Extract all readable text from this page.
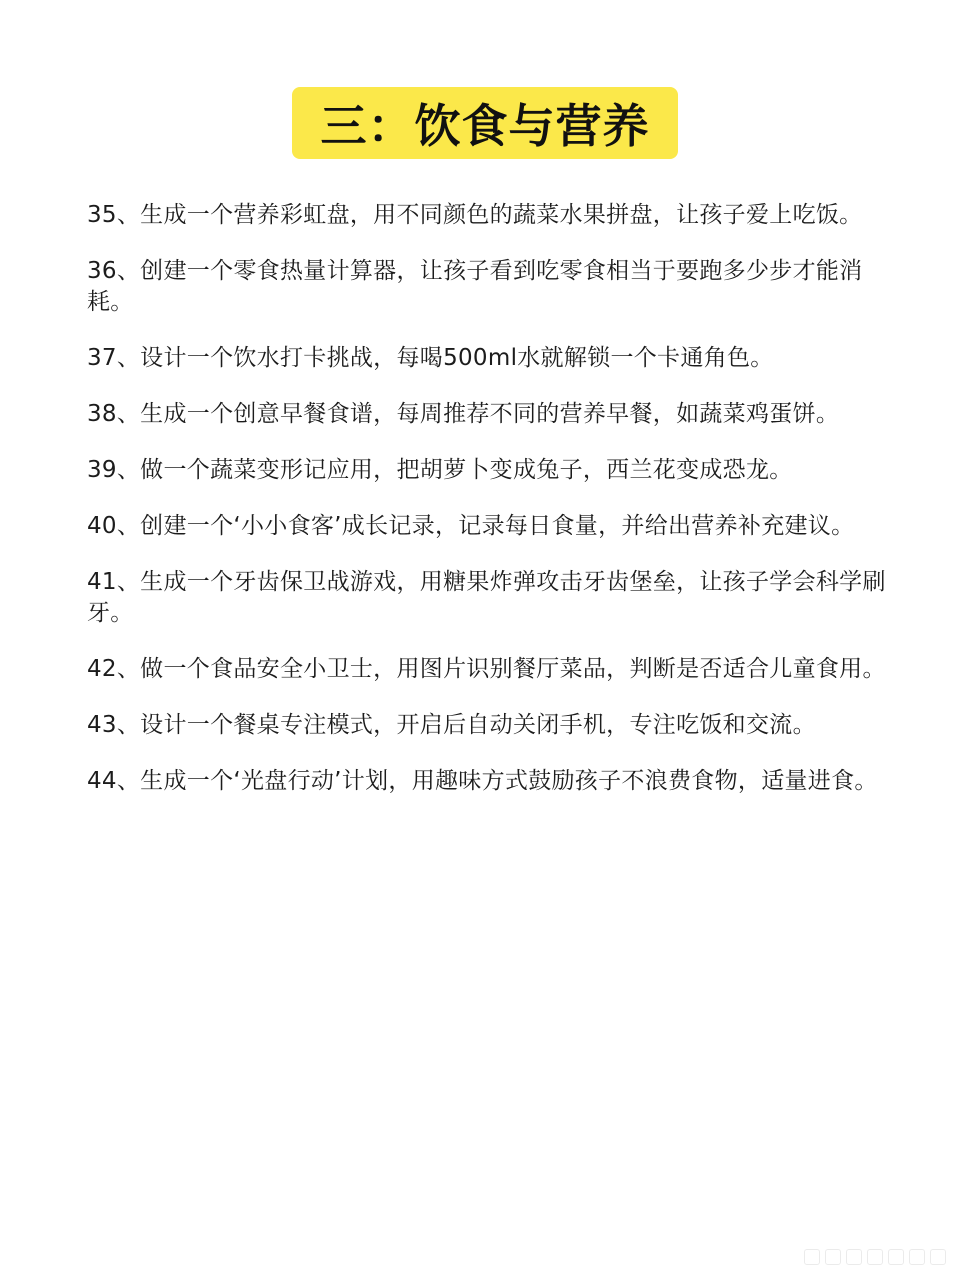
三：饮食与营养

35、生成一个营养彩虹盘，用不同颜色的蔬菜水果拼盘，让孩子爱上吃饭。

36、创建一个零食热量计算器，让孩子看到吃零食相当于要跑多少步才能消耗。

37、设计一个饮水打卡挑战，每喝500ml水就解锁一个卡通角色。

38、生成一个创意早餐食谱，每周推荐不同的营养早餐，如蔬菜鸡蛋饼。

39、做一个蔬菜变形记应用，把胡萝卜变成兔子，西兰花变成恐龙。

40、创建一个‘小小食客’成长记录，记录每日食量，并给出营养补充建议。

41、生成一个牙齿保卫战游戏，用糖果炸弹攻击牙齿堡垒，让孩子学会科学刷牙。

42、做一个食品安全小卫士，用图片识别餐厅菜品，判断是否适合儿童食用。

43、设计一个餐桌专注模式，开启后自动关闭手机，专注吃饭和交流。

44、生成一个‘光盘行动’计划，用趣味方式鼓励孩子不浪费食物，适量进食。
